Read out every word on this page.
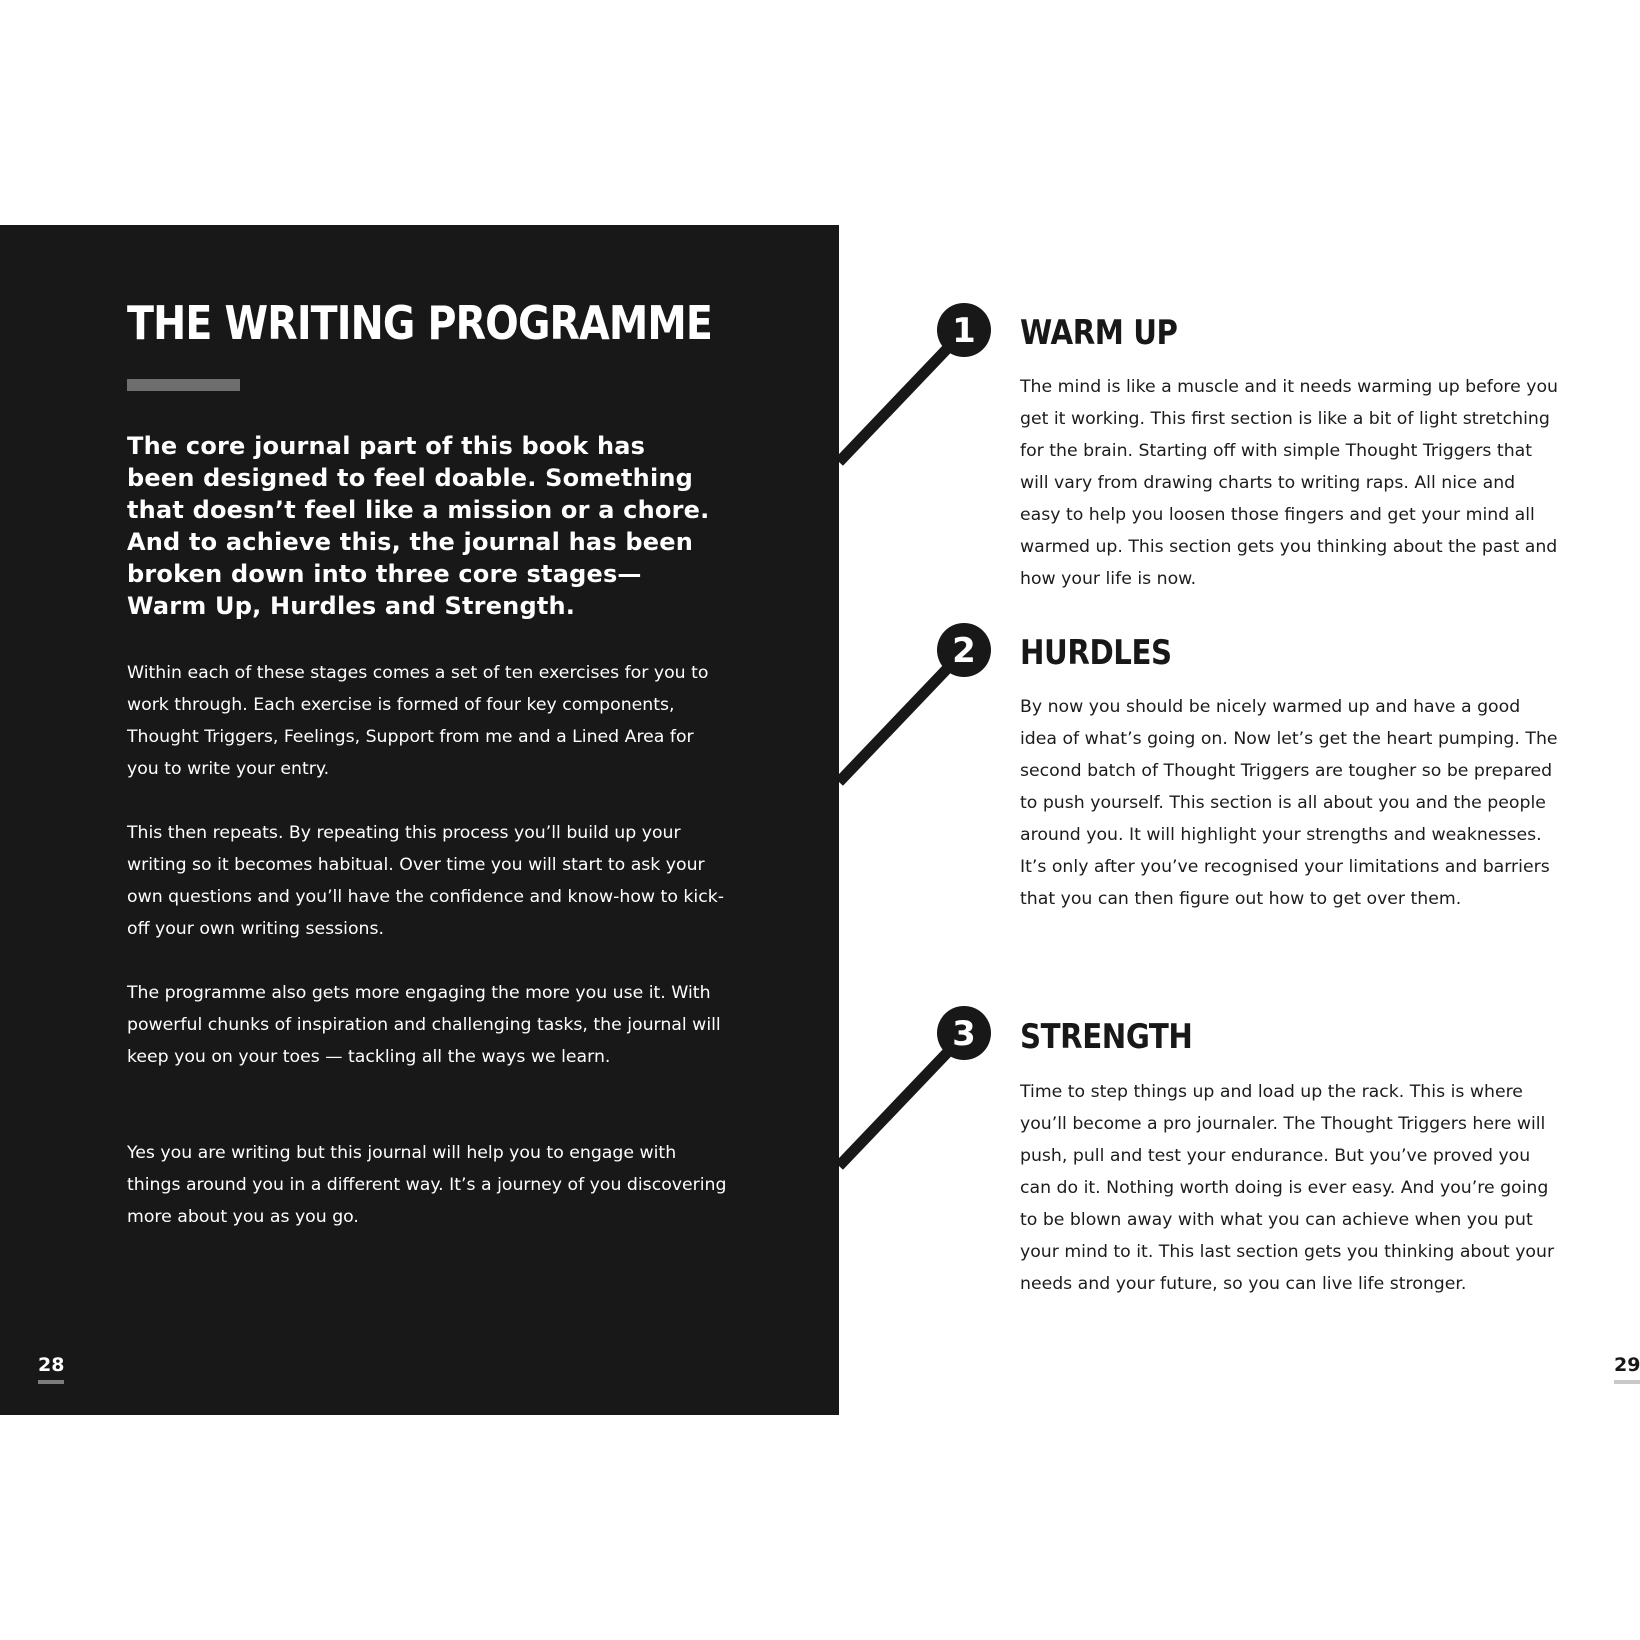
THE WRITING PROGRAMME

The core journal part of this book has been designed to feel doable. Something that doesn’t feel like a mission or a chore. And to achieve this, the journal has been broken down into three core stages— Warm Up, Hurdles and Strength.

Within each of these stages comes a set of ten exercises for you to work through. Each exercise is formed of four key components, Thought Triggers, Feelings, Support from me and a Lined Area for you to write your entry.

This then repeats. By repeating this process you’ll build up your writing so it becomes habitual. Over time you will start to ask your own questions and you’ll have the confidence and know-how to kick-off your own writing sessions.

The programme also gets more engaging the more you use it. With powerful chunks of inspiration and challenging tasks, the journal will keep you on your toes — tackling all the ways we learn.

Yes you are writing but this journal will help you to engage with things around you in a different way. It’s a journey of you discovering more about you as you go.

28
1
2
3
WARM UP

The mind is like a muscle and it needs warming up before you get it working. This first section is like a bit of light stretching for the brain. Starting off with simple Thought Triggers that will vary from drawing charts to writing raps. All nice and easy to help you loosen those fingers and get your mind all warmed up. This section gets you thinking about the past and how your life is now.

HURDLES

By now you should be nicely warmed up and have a good idea of what’s going on. Now let’s get the heart pumping. The second batch of Thought Triggers are tougher so be prepared to push yourself. This section is all about you and the people around you. It will highlight your strengths and weaknesses. It’s only after you’ve recognised your limitations and barriers that you can then figure out how to get over them.

STRENGTH

Time to step things up and load up the rack. This is where you’ll become a pro journaler. The Thought Triggers here will push, pull and test your endurance. But you’ve proved you can do it. Nothing worth doing is ever easy. And you’re going to be blown away with what you can achieve when you put your mind to it. This last section gets you thinking about your needs and your future, so you can live life stronger.

29
